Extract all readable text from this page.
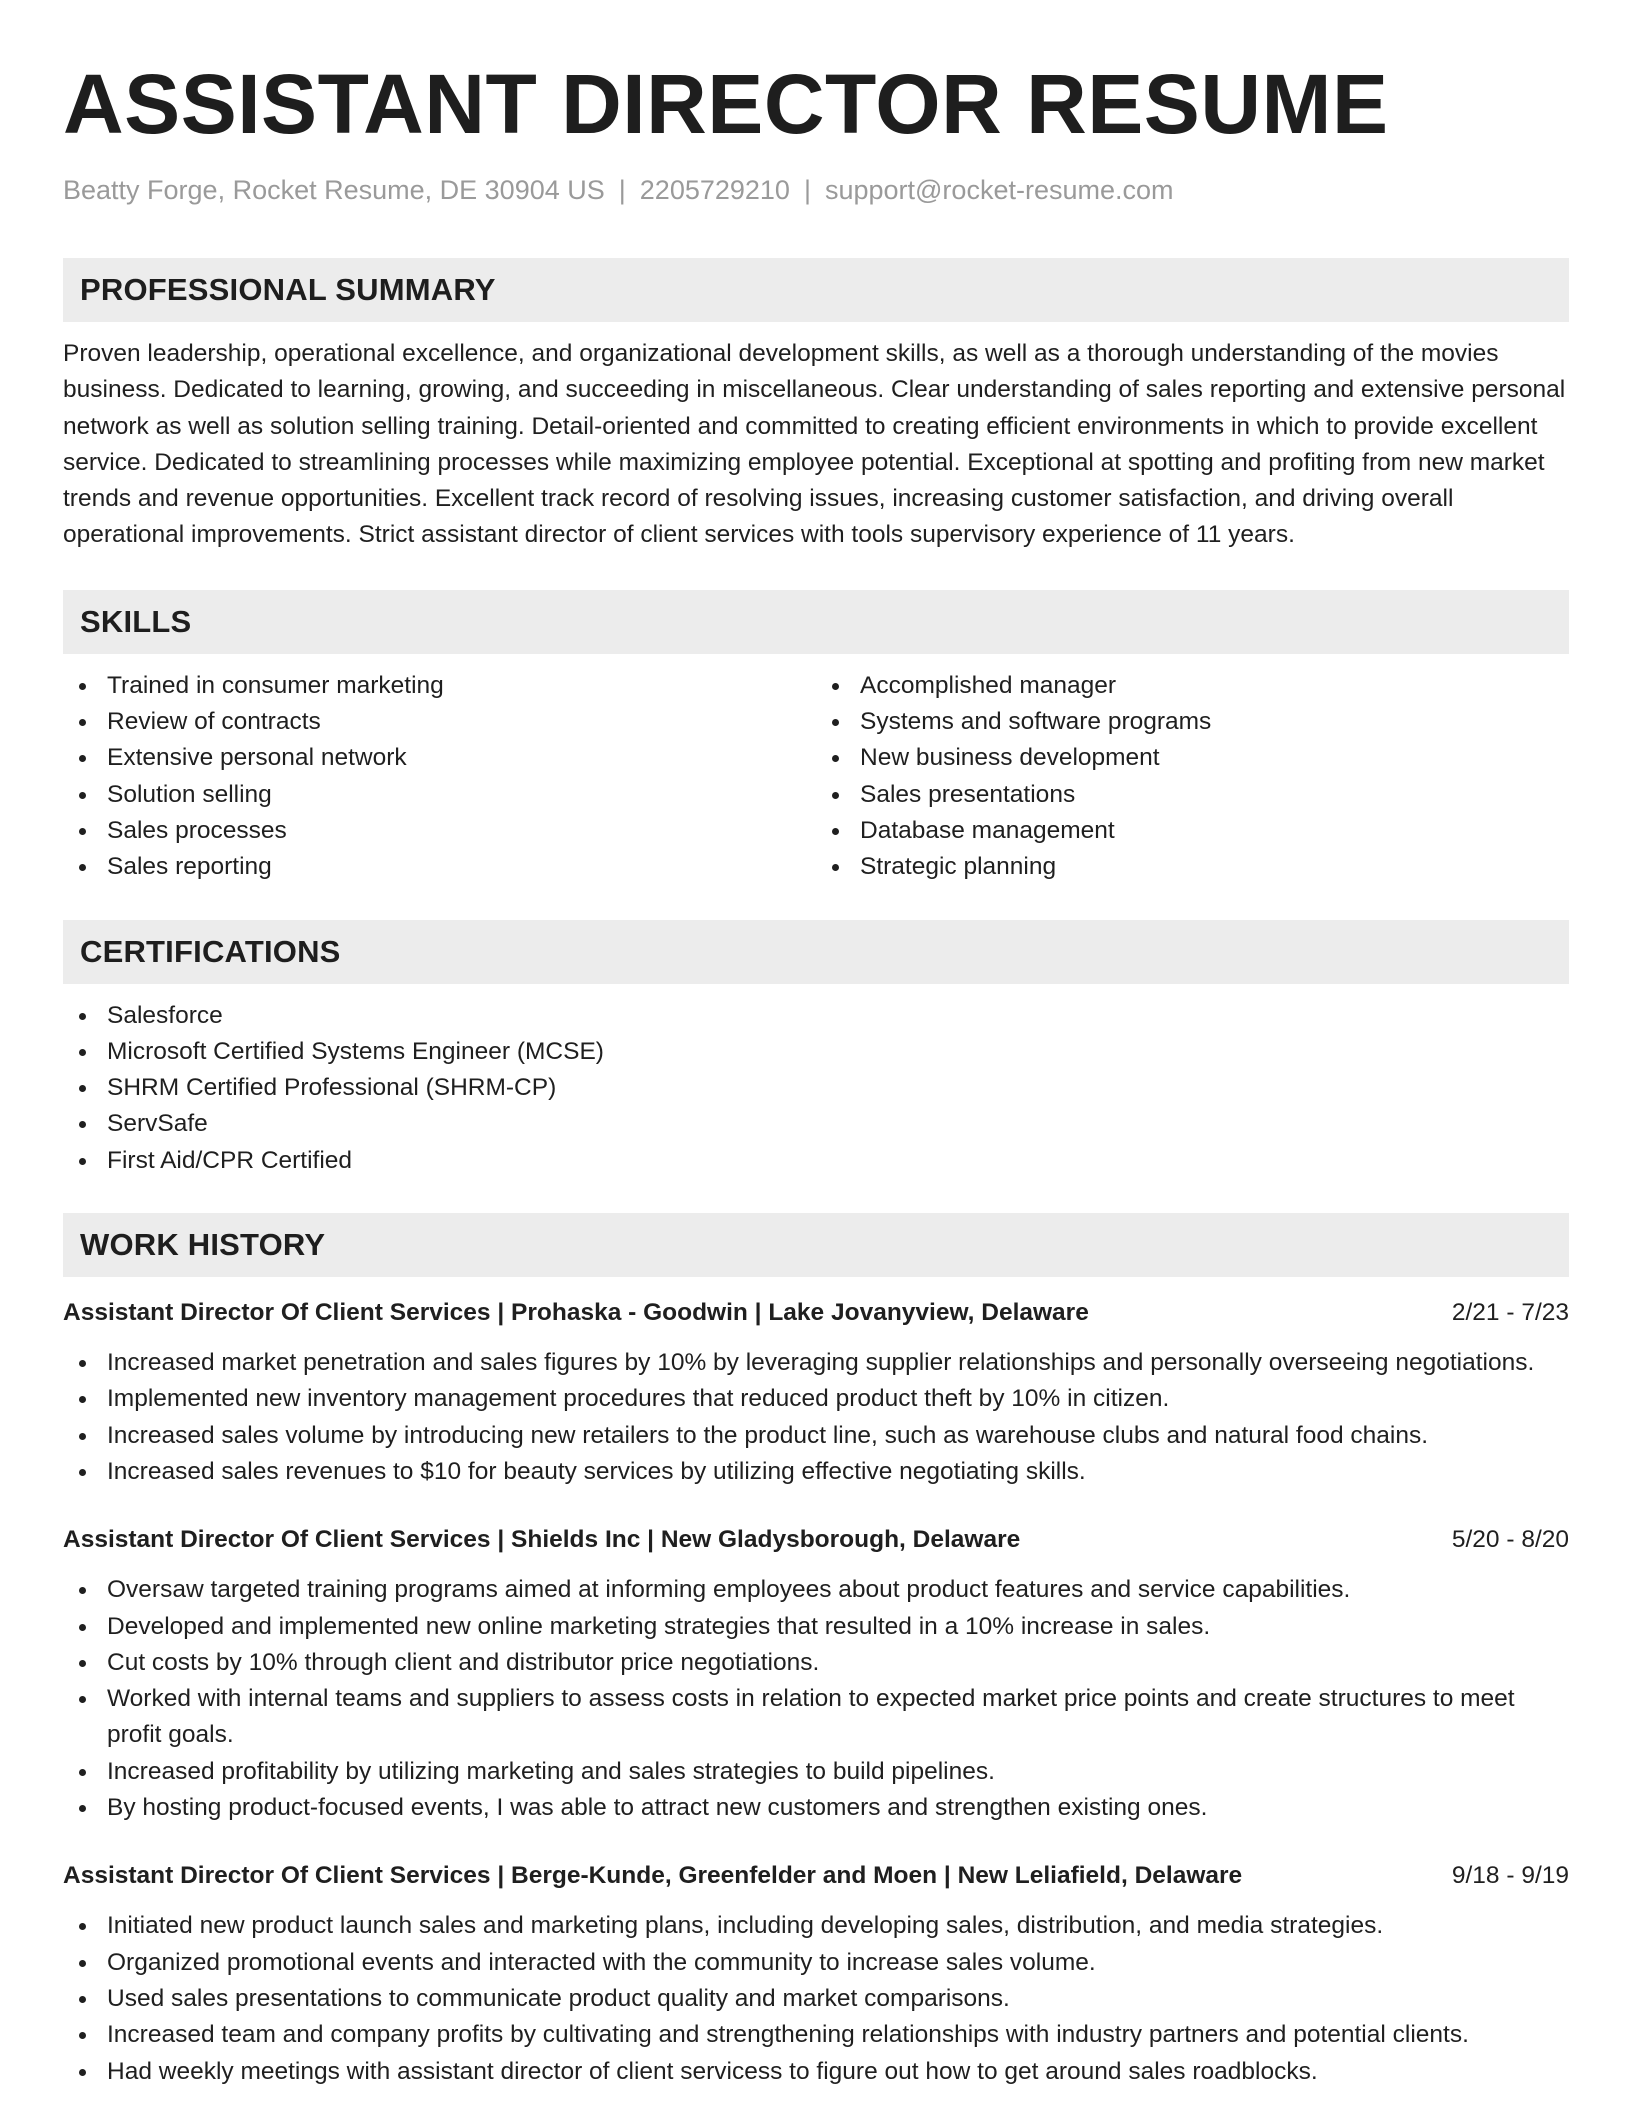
ASSISTANT DIRECTOR RESUME
Beatty Forge, Rocket Resume, DE 30904 US | 2205729210 | support@rocket-resume.com
PROFESSIONAL SUMMARY

Proven leadership, operational excellence, and organizational development skills, as well as a thorough understanding of the movies business. Dedicated to learning, growing, and succeeding in miscellaneous. Clear understanding of sales reporting and extensive personal network as well as solution selling training. Detail-oriented and committed to creating efficient environments in which to provide excellent service. Dedicated to streamlining processes while maximizing employee potential. Exceptional at spotting and profiting from new market trends and revenue opportunities. Excellent track record of resolving issues, increasing customer satisfaction, and driving overall operational improvements. Strict assistant director of client services with tools supervisory experience of 11 years.

SKILLS
Trained in consumer marketing
Review of contracts
Extensive personal network
Solution selling
Sales processes
Sales reporting
Accomplished manager
Systems and software programs
New business development
Sales presentations
Database management
Strategic planning
CERTIFICATIONS
Salesforce
Microsoft Certified Systems Engineer (MCSE)
SHRM Certified Professional (SHRM-CP)
ServSafe
First Aid/CPR Certified
WORK HISTORY
Assistant Director Of Client Services | Prohaska - Goodwin | Lake Jovanyview, Delaware	2/21 - 7/23
Increased market penetration and sales figures by 10% by leveraging supplier relationships and personally overseeing negotiations.
Implemented new inventory management procedures that reduced product theft by 10% in citizen.
Increased sales volume by introducing new retailers to the product line, such as warehouse clubs and natural food chains.
Increased sales revenues to $10 for beauty services by utilizing effective negotiating skills.
Assistant Director Of Client Services | Shields Inc | New Gladysborough, Delaware	5/20 - 8/20
Oversaw targeted training programs aimed at informing employees about product features and service capabilities.
Developed and implemented new online marketing strategies that resulted in a 10% increase in sales.
Cut costs by 10% through client and distributor price negotiations.
Worked with internal teams and suppliers to assess costs in relation to expected market price points and create structures to meet profit goals.
Increased profitability by utilizing marketing and sales strategies to build pipelines.
By hosting product-focused events, I was able to attract new customers and strengthen existing ones.
Assistant Director Of Client Services | Berge-Kunde, Greenfelder and Moen | New Leliafield, Delaware	9/18 - 9/19
Initiated new product launch sales and marketing plans, including developing sales, distribution, and media strategies.
Organized promotional events and interacted with the community to increase sales volume.
Used sales presentations to communicate product quality and market comparisons.
Increased team and company profits by cultivating and strengthening relationships with industry partners and potential clients.
Had weekly meetings with assistant director of client servicess to figure out how to get around sales roadblocks.
